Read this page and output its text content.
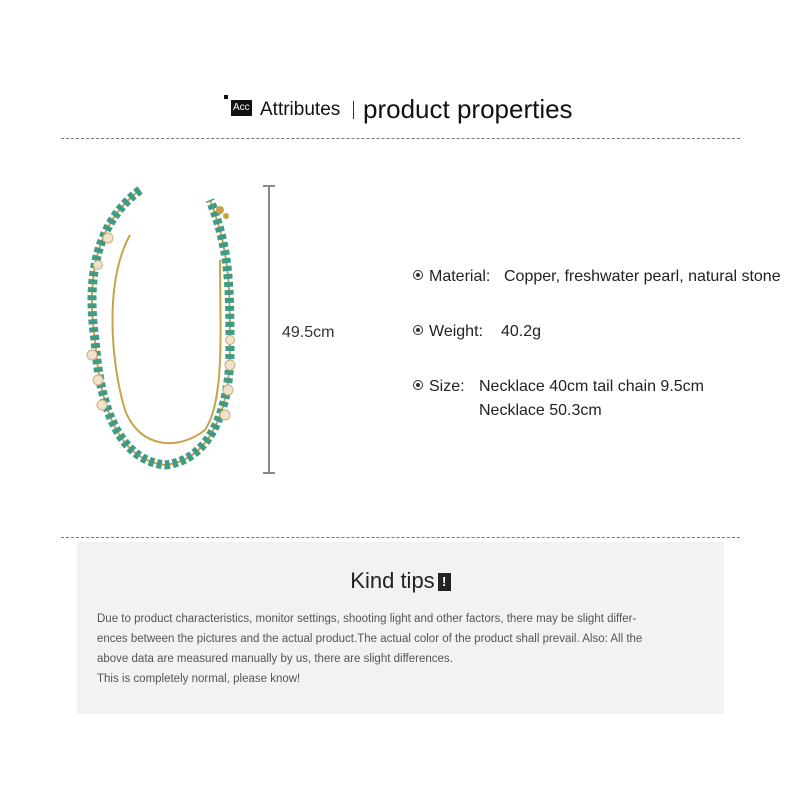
Acc Attributes product properties
49.5cm
Material: Copper, freshwater pearl, natural stone
Weight: 40.2g
Size: Necklace 40cm tail chain 9.5cm
Necklace 50.3cm
Kind tips !
Due to product characteristics, monitor settings, shooting light and other factors, there may be slight differ-
ences between the pictures and the actual product.The actual color of the product shall prevail. Also: All the
above data are measured manually by us, there are slight differences.
This is completely normal, please know!
